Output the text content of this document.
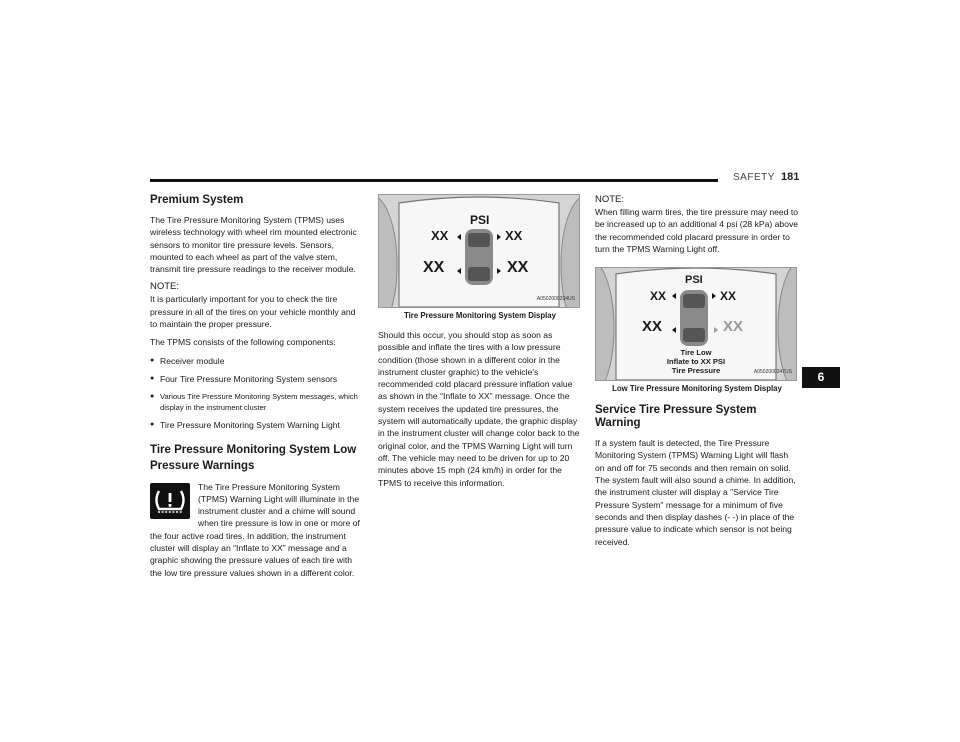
SAFETY 181
Premium System

The Tire Pressure Monitoring System (TPMS) uses wireless technology with wheel rim mounted electronic sensors to monitor tire pressure levels. Sensors, mounted to each wheel as part of the valve stem, transmit tire pressure readings to the receiver module.

NOTE:

It is particularly important for you to check the tire pressure in all of the tires on your vehicle monthly and to maintain the proper pressure.

The TPMS consists of the following components:

● Receiver module
● Four Tire Pressure Monitoring System sensors
● Various Tire Pressure Monitoring System messages, which display in the instrument cluster
● Tire Pressure Monitoring System Warning Light
Tire Pressure Monitoring System Low Pressure Warnings

The Tire Pressure Monitoring System (TPMS) Warning Light will illuminate in the instrument cluster and a chime will sound when tire pressure is low in one or more of the four active road tires. In addition, the instrument cluster will display an “Inflate to XX” message and a graphic showing the pressure values of each tire with the low tire pressure values shown in a different color.

PSI
XX	XX
XX	XX
A0502000234US
Tire Pressure Monitoring System Display

Should this occur, you should stop as soon as possible and inflate the tires with a low pressure condition (those shown in a different color in the instrument cluster graphic) to the vehicle’s recommended cold placard pressure inflation value as shown in the “Inflate to XX” message. Once the system receives the updated tire pressures, the system will automatically update, the graphic display in the instrument cluster will change color back to the original color, and the TPMS Warning Light will turn off. The vehicle may need to be driven for up to 20 minutes above 15 mph (24 km/h) in order for the TPMS to receive this information.

NOTE:

When filling warm tires, the tire pressure may need to be increased up to an additional 4 psi (28 kPa) above the recommended cold placard pressure in order to turn the TPMS Warning Light off.

PSI
XX	XX
XX	XX
Tire Low
Inflate to XX PSI
Tire Pressure	A0502000247US
Low Tire Pressure Monitoring System Display
Service Tire Pressure System Warning

If a system fault is detected, the Tire Pressure Monitoring System (TPMS) Warning Light will flash on and off for 75 seconds and then remain on solid. The system fault will also sound a chime. In addition, the instrument cluster will display a "Service Tire Pressure System" message for a minimum of five seconds and then display dashes (- -) in place of the pressure value to indicate which sensor is not being received.

6
